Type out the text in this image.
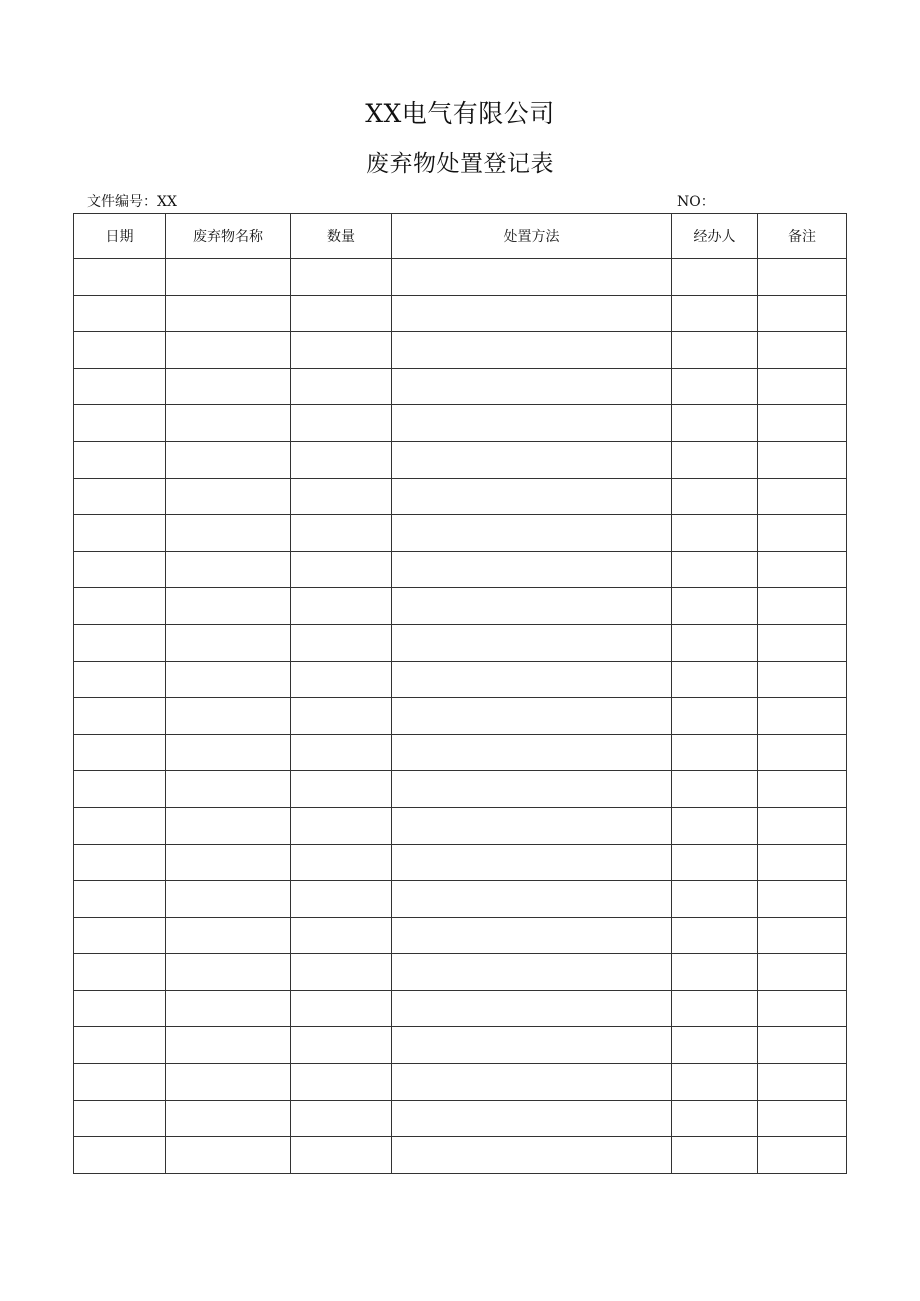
XX电气有限公司
废弃物处置登记表
文件编号：XX	NO：
日期	废弃物名称	数量	处置方法	经办人	备注
